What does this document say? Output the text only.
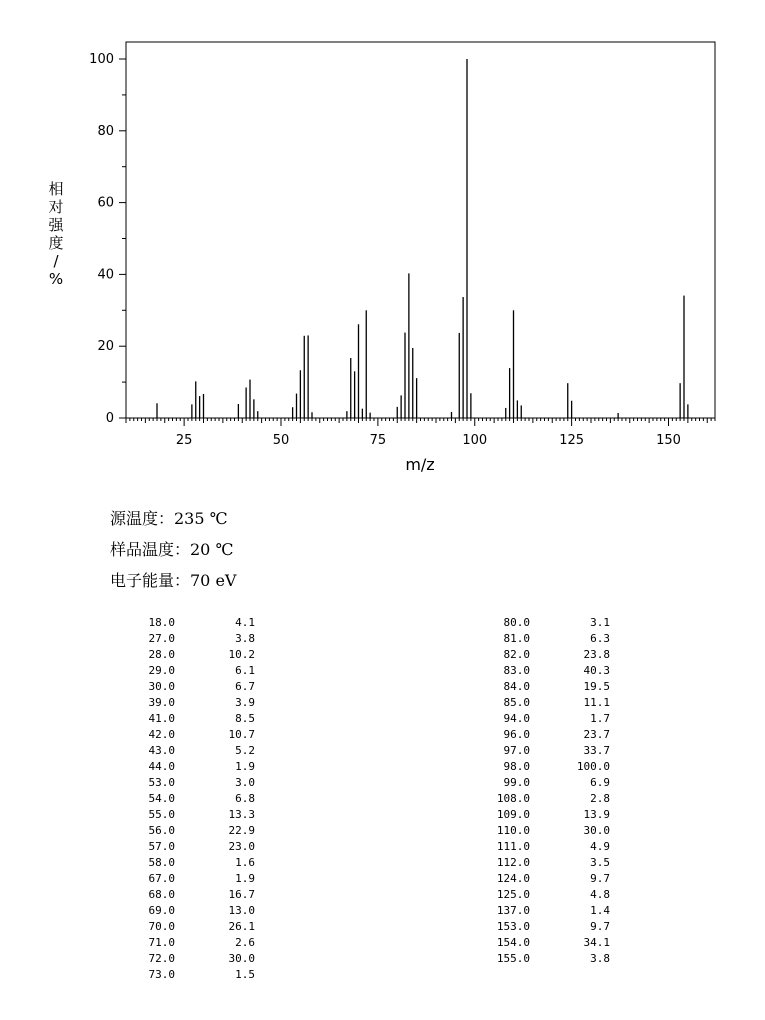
25	50	75	100	125	150
0
20
40
60
80
100
m/z
相
对
强
度
/
%
源温度：235 ℃
样品温度：20 ℃
电子能量：70 eV
18.0	4.1
27.0	3.8
28.0	10.2
29.0	6.1
30.0	6.7
39.0	3.9
41.0	8.5
42.0	10.7
43.0	5.2
44.0	1.9
53.0	3.0
54.0	6.8
55.0	13.3
56.0	22.9
57.0	23.0
58.0	1.6
67.0	1.9
68.0	16.7
69.0	13.0
70.0	26.1
71.0	2.6
72.0	30.0
73.0	1.5
80.0	3.1
81.0	6.3
82.0	23.8
83.0	40.3
84.0	19.5
85.0	11.1
94.0	1.7
96.0	23.7
97.0	33.7
98.0	100.0
99.0	6.9
108.0	2.8
109.0	13.9
110.0	30.0
111.0	4.9
112.0	3.5
124.0	9.7
125.0	4.8
137.0	1.4
153.0	9.7
154.0	34.1
155.0	3.8
